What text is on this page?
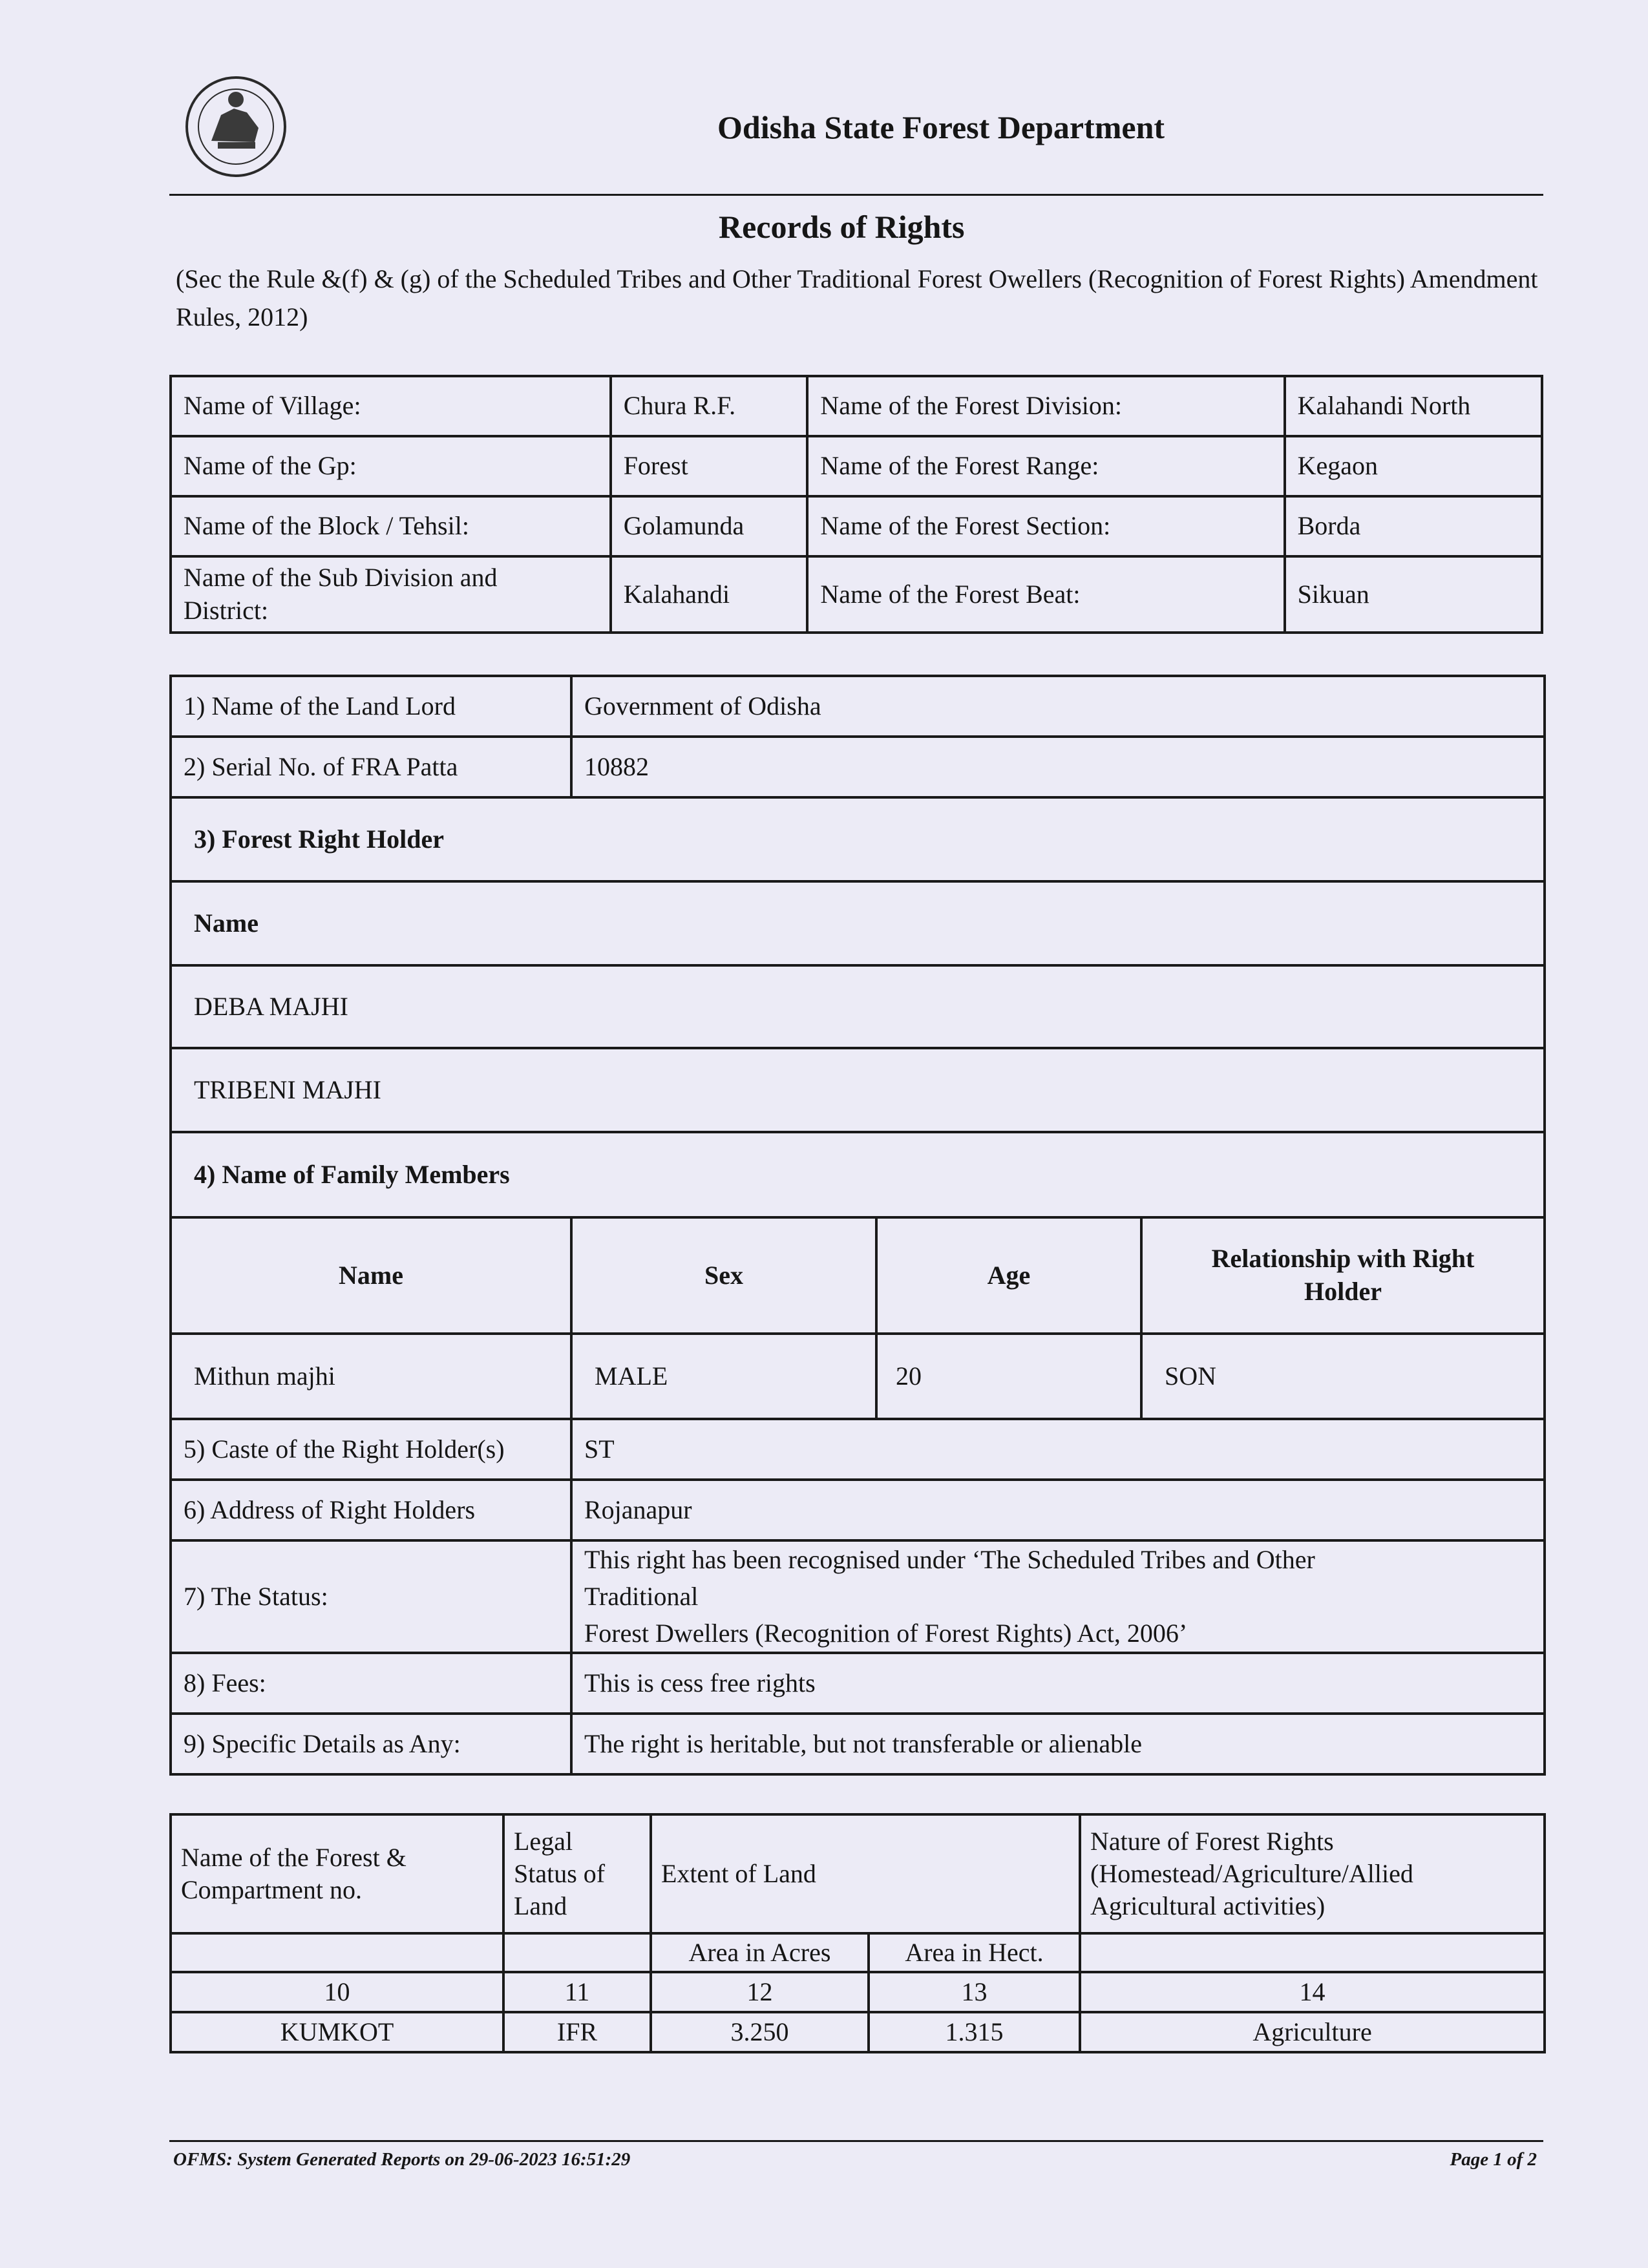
Odisha State Forest Department
Records of Rights
(Sec the Rule &(f) & (g) of the Scheduled Tribes and Other Traditional Forest Owellers (Recognition of Forest Rights) Amendment Rules, 2012)
Name of Village:	Chura R.F.	Name of the Forest Division:	Kalahandi North
Name of the Gp:	Forest	Name of the Forest Range:	Kegaon
Name of the Block / Tehsil:	Golamunda	Name of the Forest Section:	Borda
Name of the Sub Division and District:	Kalahandi	Name of the Forest Beat:	Sikuan
1) Name of the Land Lord	Government of Odisha		
2) Serial No. of FRA Patta	10882		
3) Forest Right Holder			
Name			
DEBA MAJHI			
TRIBENI MAJHI			
4) Name of Family Members			
Name	Sex	Age	Relationship with Right Holder
Mithun majhi	MALE	20	SON
5) Caste of the Right Holder(s)	ST		
6) Address of Right Holders	Rojanapur		
7) The Status:	This right has been recognised under ‘The Scheduled Tribes and Other
Traditional
Forest Dwellers (Recognition of Forest Rights) Act, 2006’		

8) Fees:	This is cess free rights		
9) Specific Details as Any:	The right is heritable, but not transferable or alienable		
Name of the Forest & Compartment no.	Legal Status of Land	Extent of Land		Nature of Forest Rights (Homestead/Agriculture/Allied Agricultural activities)
		Area in Acres	Area in Hect.	
10	11	12	13	14
KUMKOT	IFR	3.250	1.315	Agriculture
OFMS: System Generated Reports on 29-06-2023 16:51:29	Page 1 of 2
